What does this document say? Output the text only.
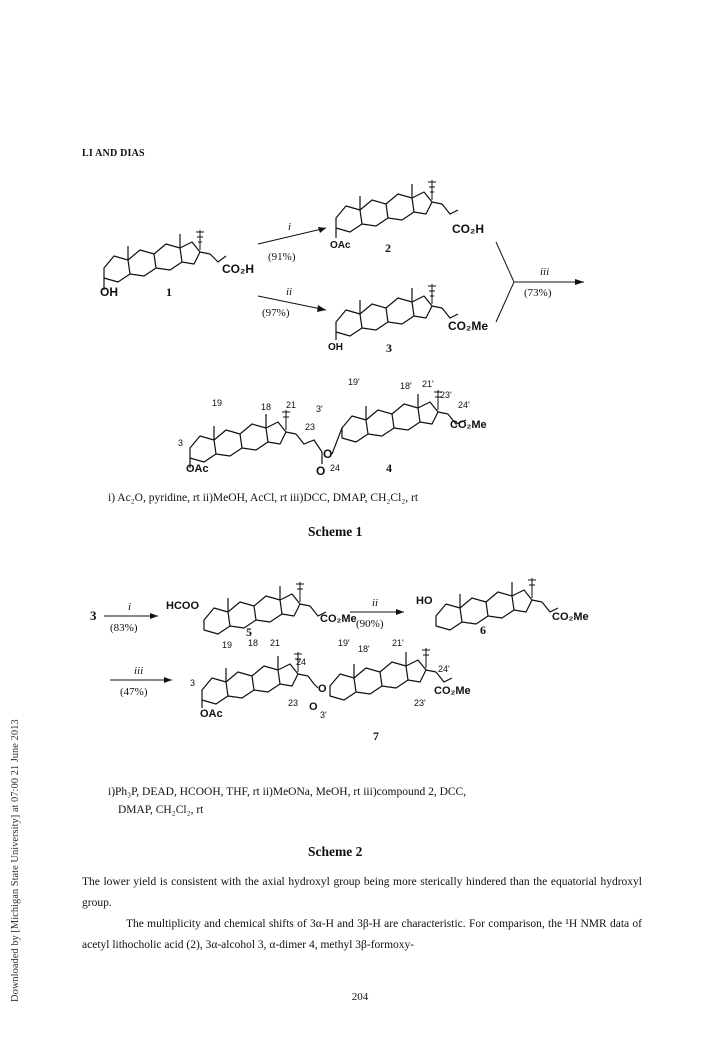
LI AND DIAS
Downloaded by [Michigan State University] at 07:00 21 June 2013
OH
CO₂H
1
i
(91%)
ii
(97%)
OAc
CO₂H
2
OH
CO₂Me
3
iii
(73%)
OAc
O
O
CO₂Me
4
19	18 21
3
23
24
3'
19'	18' 21'
23'
24'
i) Ac₂O, pyridine, rt ii)MeOH, AcCl, rt iii)DCC, DMAP, CH₂Cl₂, rt
Scheme 1
3
i
(83%)
HCOO
CO₂Me
5
ii
(90%)
HO
CO₂Me
6
iii
(47%)
OAc
O
O
CO₂Me
7
19 18 21
24
3
23
19'
18'
21'
24'
23'
3'
i)Ph₃P, DEAD, HCOOH, THF, rt ii)MeONa, MeOH, rt iii)compound 2, DCC,
DMAP, CH₂Cl₂, rt
Scheme 2
The lower yield is consistent with the axial hydroxyl group being more sterically hindered than the equatorial hydroxyl group.
The multiplicity and chemical shifts of 3α-H and 3β-H are characteristic. For comparison, the ¹H NMR data of acetyl lithocholic acid (2), 3α-alcohol 3, α-dimer 4, methyl 3β-formoxy-
204
